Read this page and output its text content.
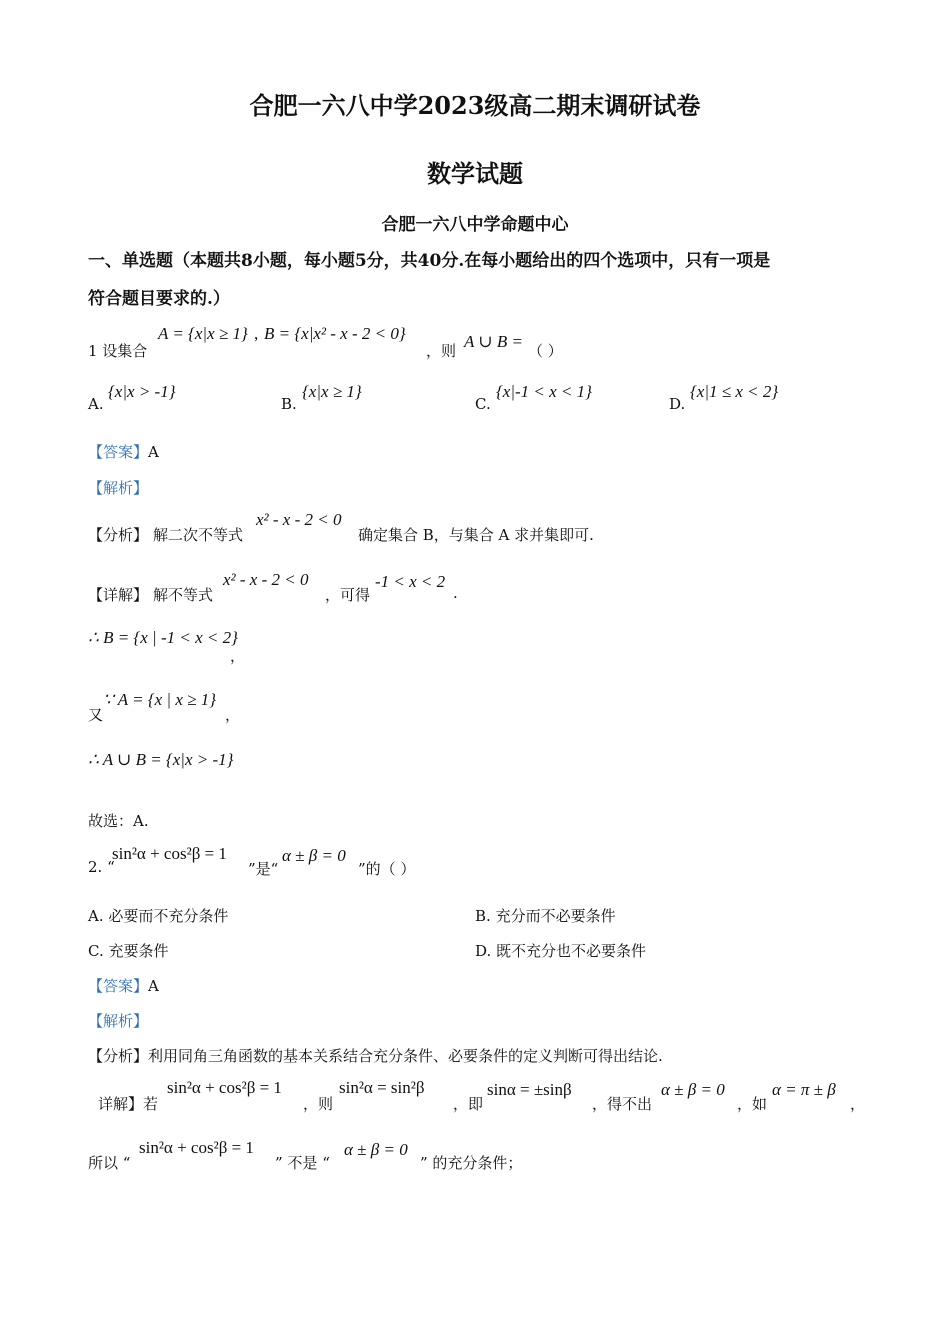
合肥一六八中学2023级高二期末调研试卷
数学试题
合肥一六八中学命题中心
一、单选题（本题共8小题，每小题5分，共40分.在每小题给出的四个选项中，只有一项是
符合题目要求的.）
1 设集合
A = {x|x ≥ 1} , B = {x|x² - x - 2 < 0}
，则 A ∪ B = （ ）
A.
{x|x > -1}
B.
{x|x ≥ 1}
C.
{x|-1 < x < 1}
D.
{x|1 ≤ x < 2}
【答案】A
【解析】
【分析】 解二次不等式
x² - x - 2 < 0
确定集合 B，与集合 A 求并集即可.
【详解】 解不等式
x² - x - 2 < 0
，可得
-1 < x < 2
.
∴ B = {x | -1 < x < 2}
，
又
∵ A = {x | x ≥ 1}
，
∴ A ∪ B = {x|x > -1}
故选：A.
2. “
sin²α + cos²β = 1
”是“
α ± β = 0
”的（ ）
A. 必要而不充分条件	B. 充分而不必要条件
C. 充要条件	D. 既不充分也不必要条件
【答案】A
【解析】
【分析】利用同角三角函数的基本关系结合充分条件、必要条件的定义判断可得出结论.
详解】若
sin²α + cos²β = 1
，则
sin²α = sin²β
，即
sinα = ±sinβ
，得不出
α ± β = 0
，如
α = π ± β
，
所以 “
sin²α + cos²β = 1
” 不是 “
α ± β = 0
” 的充分条件；
